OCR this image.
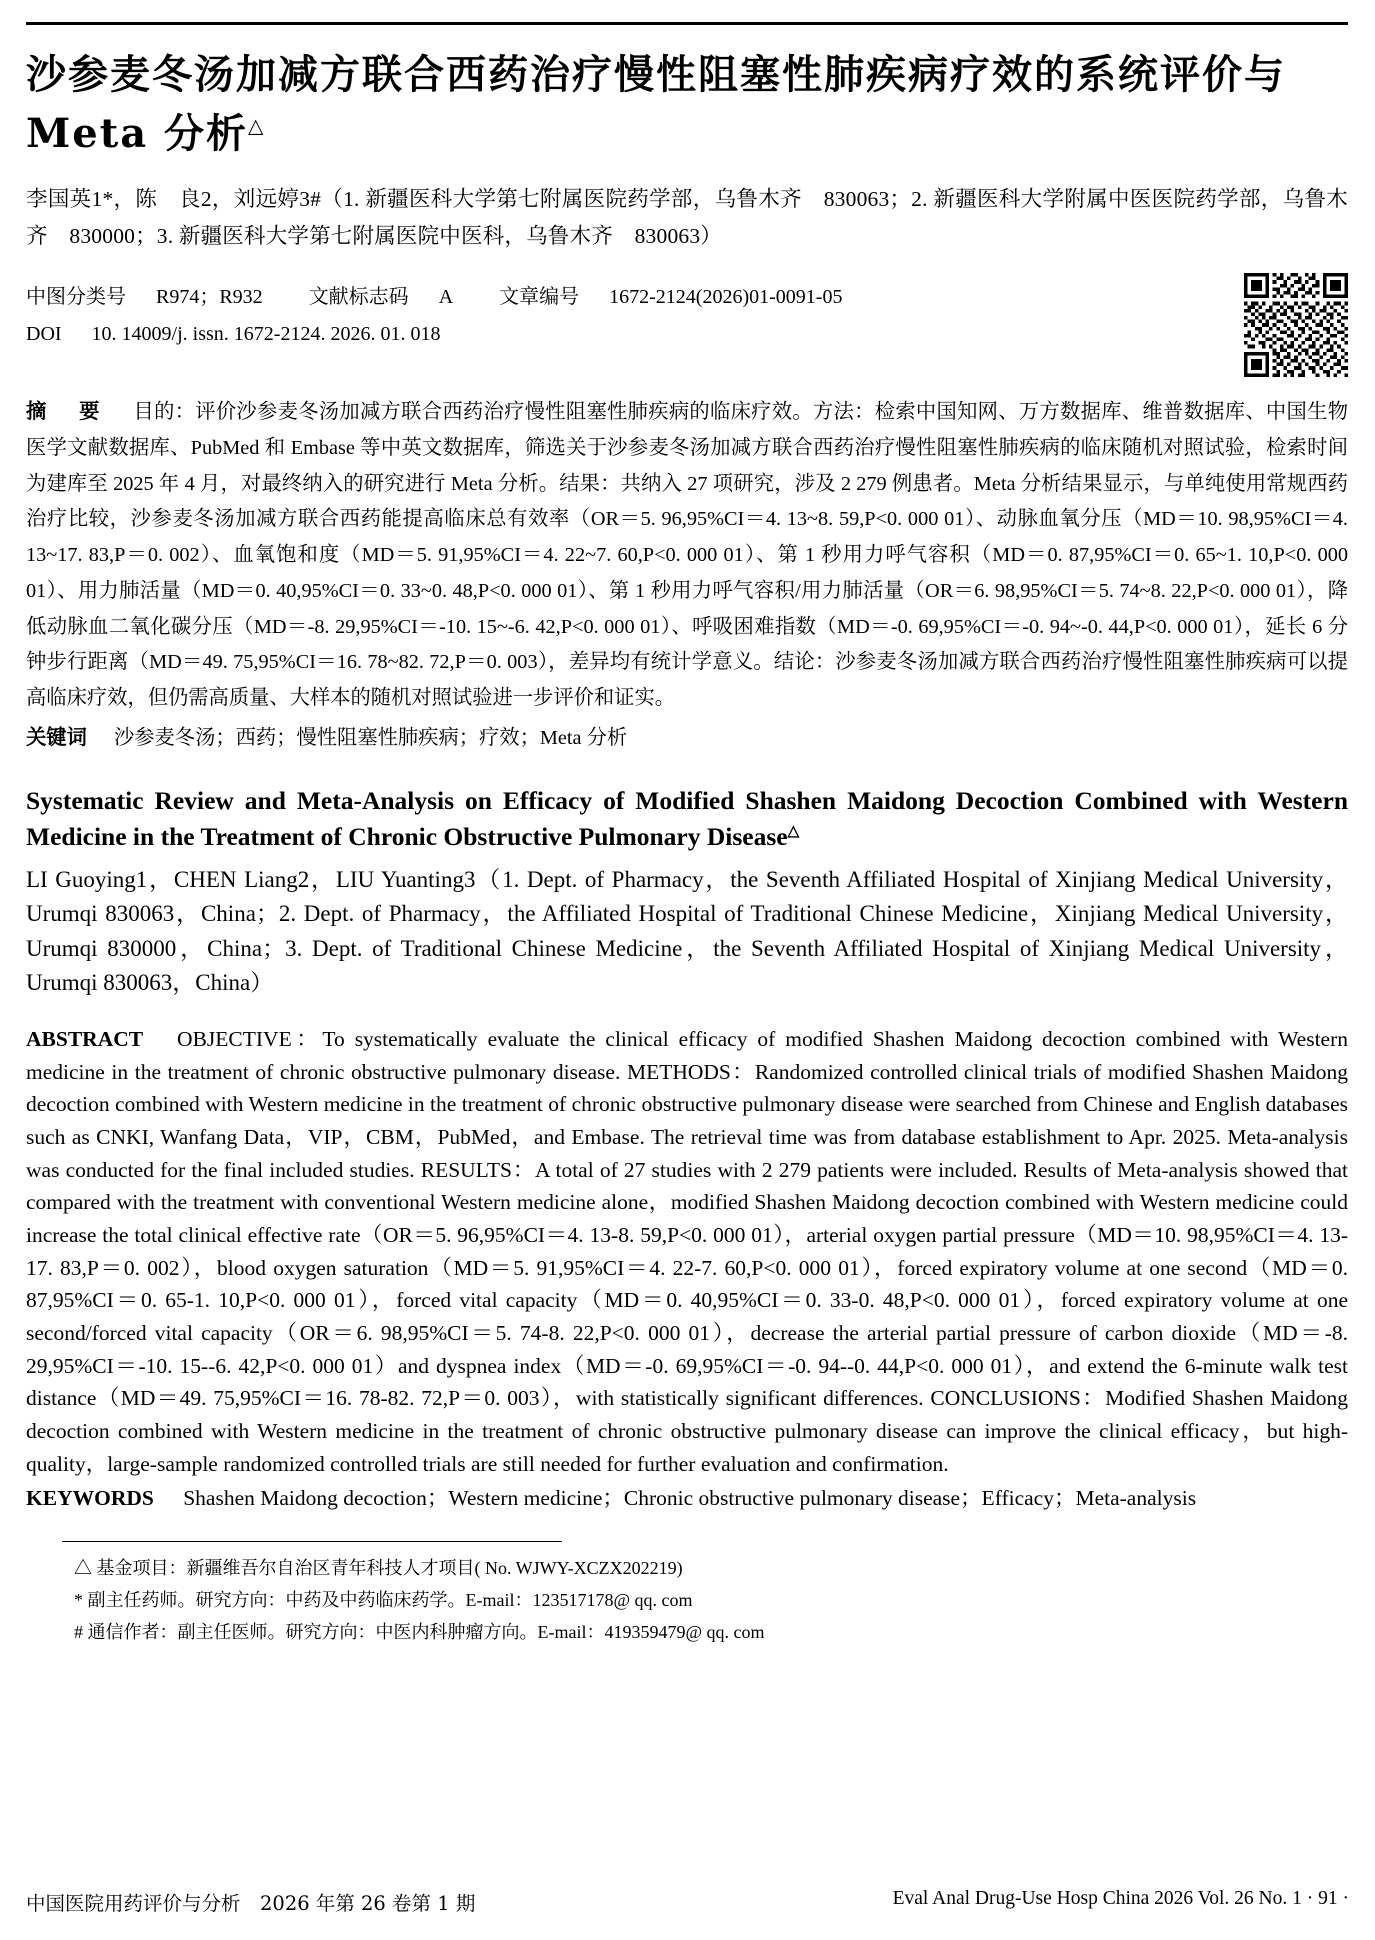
沙参麦冬汤加减方联合西药治疗慢性阻塞性肺疾病疗效的系统评价与 Meta 分析△
李国英1*，陈　良2，刘远婷3#（1. 新疆医科大学第七附属医院药学部，乌鲁木齐　830063；2. 新疆医科大学附属中医医院药学部，乌鲁木齐　830000；3. 新疆医科大学第七附属医院中医科，乌鲁木齐　830063）
中图分类号 R974；R932 文献标志码 A 文章编号 1672-2124(2026)01-0091-05
DOI 10. 14009/j. issn. 1672-2124. 2026. 01. 018
摘　要 目的：评价沙参麦冬汤加减方联合西药治疗慢性阻塞性肺疾病的临床疗效。方法：检索中国知网、万方数据库、维普数据库、中国生物医学文献数据库、PubMed 和 Embase 等中英文数据库，筛选关于沙参麦冬汤加减方联合西药治疗慢性阻塞性肺疾病的临床随机对照试验，检索时间为建库至 2025 年 4 月，对最终纳入的研究进行 Meta 分析。结果：共纳入 27 项研究，涉及 2 279 例患者。Meta 分析结果显示，与单纯使用常规西药治疗比较，沙参麦冬汤加减方联合西药能提高临床总有效率（OR＝5. 96,95%CI＝4. 13~8. 59,P<0. 000 01）、动脉血氧分压（MD＝10. 98,95%CI＝4. 13~17. 83,P＝0. 002）、血氧饱和度（MD＝5. 91,95%CI＝4. 22~7. 60,P<0. 000 01）、第 1 秒用力呼气容积（MD＝0. 87,95%CI＝0. 65~1. 10,P<0. 000 01）、用力肺活量（MD＝0. 40,95%CI＝0. 33~0. 48,P<0. 000 01）、第 1 秒用力呼气容积/用力肺活量（OR＝6. 98,95%CI＝5. 74~8. 22,P<0. 000 01），降低动脉血二氧化碳分压（MD＝-8. 29,95%CI＝-10. 15~-6. 42,P<0. 000 01）、呼吸困难指数（MD＝-0. 69,95%CI＝-0. 94~-0. 44,P<0. 000 01），延长 6 分钟步行距离（MD＝49. 75,95%CI＝16. 78~82. 72,P＝0. 003），差异均有统计学意义。结论：沙参麦冬汤加减方联合西药治疗慢性阻塞性肺疾病可以提高临床疗效，但仍需高质量、大样本的随机对照试验进一步评价和证实。
关键词 沙参麦冬汤；西药；慢性阻塞性肺疾病；疗效；Meta 分析
Systematic Review and Meta-Analysis on Efficacy of Modified Shashen Maidong Decoction Combined with Western Medicine in the Treatment of Chronic Obstructive Pulmonary Disease△
LI Guoying1，CHEN Liang2，LIU Yuanting3（1. Dept. of Pharmacy，the Seventh Affiliated Hospital of Xinjiang Medical University，Urumqi 830063，China；2. Dept. of Pharmacy，the Affiliated Hospital of Traditional Chinese Medicine，Xinjiang Medical University，Urumqi 830000，China；3. Dept. of Traditional Chinese Medicine，the Seventh Affiliated Hospital of Xinjiang Medical University，Urumqi 830063，China）
ABSTRACT OBJECTIVE：To systematically evaluate the clinical efficacy of modified Shashen Maidong decoction combined with Western medicine in the treatment of chronic obstructive pulmonary disease. METHODS：Randomized controlled clinical trials of modified Shashen Maidong decoction combined with Western medicine in the treatment of chronic obstructive pulmonary disease were searched from Chinese and English databases such as CNKI, Wanfang Data，VIP，CBM，PubMed，and Embase. The retrieval time was from database establishment to Apr. 2025. Meta-analysis was conducted for the final included studies. RESULTS：A total of 27 studies with 2 279 patients were included. Results of Meta-analysis showed that compared with the treatment with conventional Western medicine alone，modified Shashen Maidong decoction combined with Western medicine could increase the total clinical effective rate（OR＝5. 96,95%CI＝4. 13-8. 59,P<0. 000 01），arterial oxygen partial pressure（MD＝10. 98,95%CI＝4. 13-17. 83,P＝0. 002），blood oxygen saturation（MD＝5. 91,95%CI＝4. 22-7. 60,P<0. 000 01），forced expiratory volume at one second（MD＝0. 87,95%CI＝0. 65-1. 10,P<0. 000 01），forced vital capacity（MD＝0. 40,95%CI＝0. 33-0. 48,P<0. 000 01），forced expiratory volume at one second/forced vital capacity（OR＝6. 98,95%CI＝5. 74-8. 22,P<0. 000 01），decrease the arterial partial pressure of carbon dioxide（MD＝-8. 29,95%CI＝-10. 15--6. 42,P<0. 000 01）and dyspnea index（MD＝-0. 69,95%CI＝-0. 94--0. 44,P<0. 000 01），and extend the 6-minute walk test distance（MD＝49. 75,95%CI＝16. 78-82. 72,P＝0. 003），with statistically significant differences. CONCLUSIONS：Modified Shashen Maidong decoction combined with Western medicine in the treatment of chronic obstructive pulmonary disease can improve the clinical efficacy，but high-quality，large-sample randomized controlled trials are still needed for further evaluation and confirmation.
KEYWORDS Shashen Maidong decoction；Western medicine；Chronic obstructive pulmonary disease；Efficacy；Meta-analysis
△ 基金项目：新疆维吾尔自治区青年科技人才项目( No. WJWY-XCZX202219)
* 副主任药师。研究方向：中药及中药临床药学。E-mail：123517178@ qq. com
# 通信作者：副主任医师。研究方向：中医内科肿瘤方向。E-mail：419359479@ qq. com
中国医院用药评价与分析　2026 年第 26 卷第 1 期	Eval Anal Drug-Use Hosp China 2026 Vol. 26 No. 1 · 91 ·
